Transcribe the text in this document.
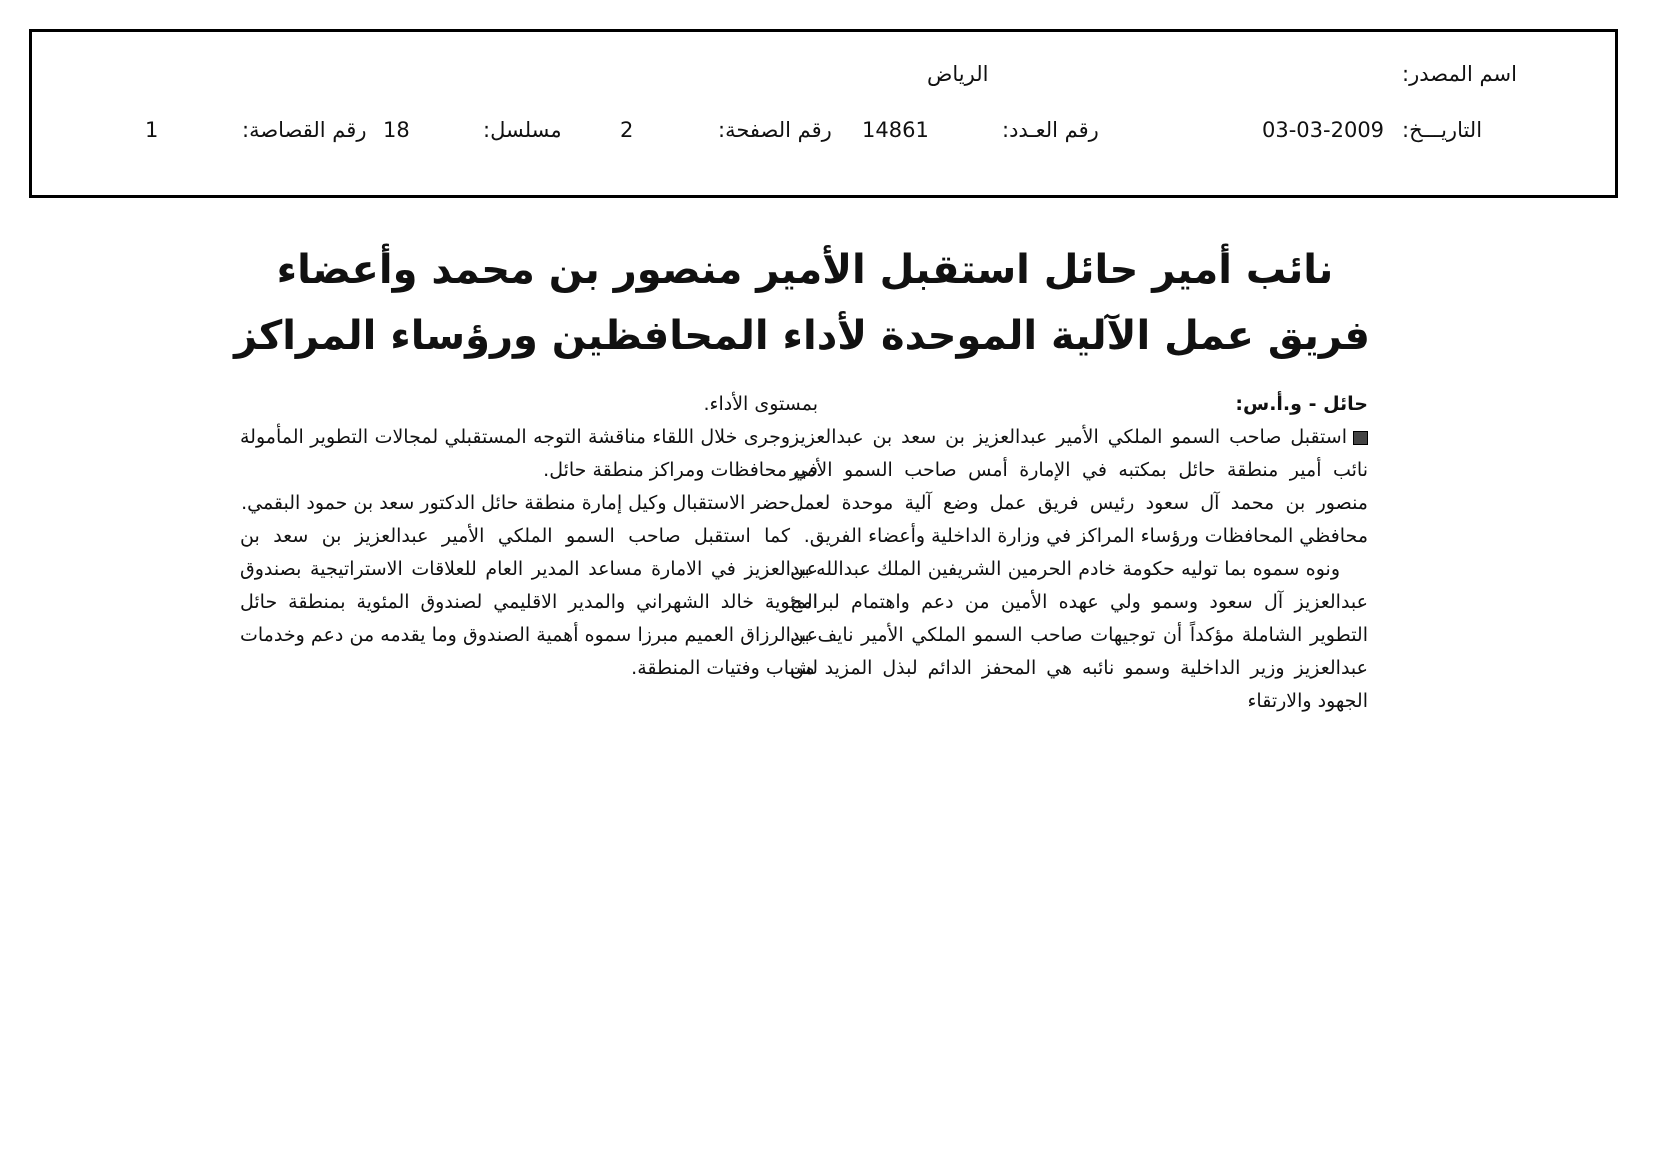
اسم المصدر:
الرياض
التاريـــخ:
03-03-2009
رقم العـدد:
14861
رقم الصفحة:
2
مسلسل:
18
رقم القصاصة:
1
نائب أمير حائل استقبل الأمير منصور بن محمد وأعضاء
فريق عمل الآلية الموحدة لأداء المحافظين ورؤساء المراكز

حائل - و.أ.س:

استقبل صاحب السمو الملكي الأمير عبدالعزيز بن سعد بن عبدالعزيز نائب أمير منطقة حائل بمكتبه في الإمارة أمس صاحب السمو الأمير منصور بن محمد آل سعود رئيس فريق عمل وضع آلية موحدة لعمل محافظي المحافظات ورؤساء المراكز في وزارة الداخلية وأعضاء الفريق.

ونوه سموه بما توليه حكومة خادم الحرمين الشريفين الملك عبدالله بن عبدالعزيز آل سعود وسمو ولي عهده الأمين من دعم واهتمام لبرامج التطوير الشاملة مؤكداً أن توجيهات صاحب السمو الملكي الأمير نايف بن عبدالعزيز وزير الداخلية وسمو نائبه هي المحفز الدائم لبذل المزيد من الجهود والارتقاء

بمستوى الأداء.

وجرى خلال اللقاء مناقشة التوجه المستقبلي لمجالات التطوير المأمولة في محافظات ومراكز منطقة حائل.

حضر الاستقبال وكيل إمارة منطقة حائل الدكتور سعد بن حمود البقمي.

كما استقبل صاحب السمو الملكي الأمير عبدالعزيز بن سعد بن عبدالعزيز في الامارة مساعد المدير العام للعلاقات الاستراتيجية بصندوق المئوية خالد الشهراني والمدير الاقليمي لصندوق المئوية بمنطقة حائل عبدالرزاق العميم مبرزا سموه أهمية الصندوق وما يقدمه من دعم وخدمات لشباب وفتيات المنطقة.
